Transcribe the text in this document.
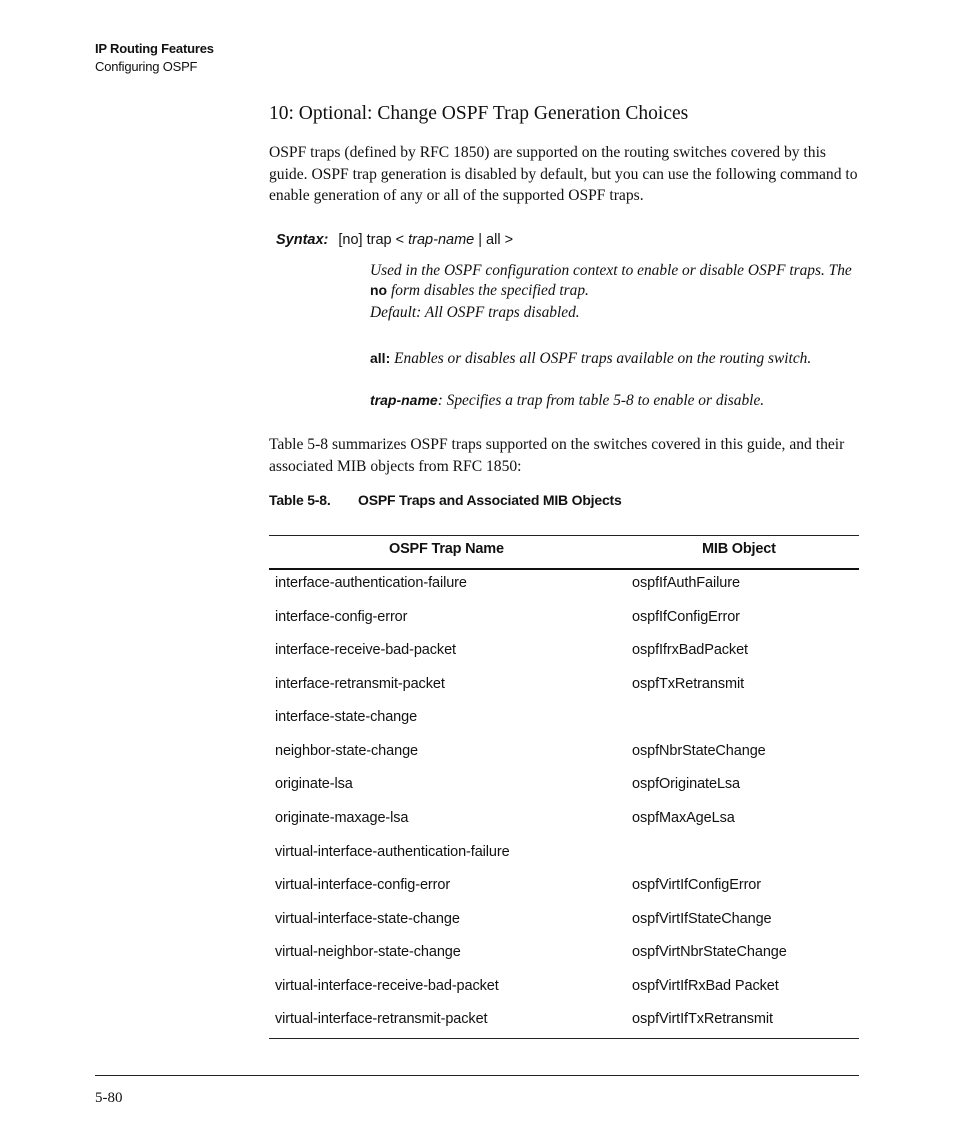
IP Routing Features
Configuring OSPF
10: Optional: Change OSPF Trap Generation Choices
OSPF traps (defined by RFC 1850) are supported on the routing switches covered by this guide. OSPF trap generation is disabled by default, but you can use the following command to enable generation of any or all of the supported OSPF traps.
Syntax: [no] trap < trap-name | all >
Used in the OSPF configuration context to enable or disable OSPF traps. The no form disables the specified trap.
Default: All OSPF traps disabled.
all: Enables or disables all OSPF traps available on the routing switch.
trap-name: Specifies a trap from table 5-8 to enable or disable.
Table 5-8 summarizes OSPF traps supported on the switches covered in this guide, and their associated MIB objects from RFC 1850:
Table 5-8. OSPF Traps and Associated MIB Objects
OSPF Trap Name	MIB Object
interface-authentication-failure	ospfIfAuthFailure
interface-config-error	ospfIfConfigError
interface-receive-bad-packet	ospfIfrxBadPacket
interface-retransmit-packet	ospfTxRetransmit
interface-state-change
neighbor-state-change	ospfNbrStateChange
originate-lsa	ospfOriginateLsa
originate-maxage-lsa	ospfMaxAgeLsa
virtual-interface-authentication-failure
virtual-interface-config-error	ospfVirtIfConfigError
virtual-interface-state-change	ospfVirtIfStateChange
virtual-neighbor-state-change	ospfVirtNbrStateChange
virtual-interface-receive-bad-packet	ospfVirtIfRxBad Packet
virtual-interface-retransmit-packet	ospfVirtIfTxRetransmit
5-80
